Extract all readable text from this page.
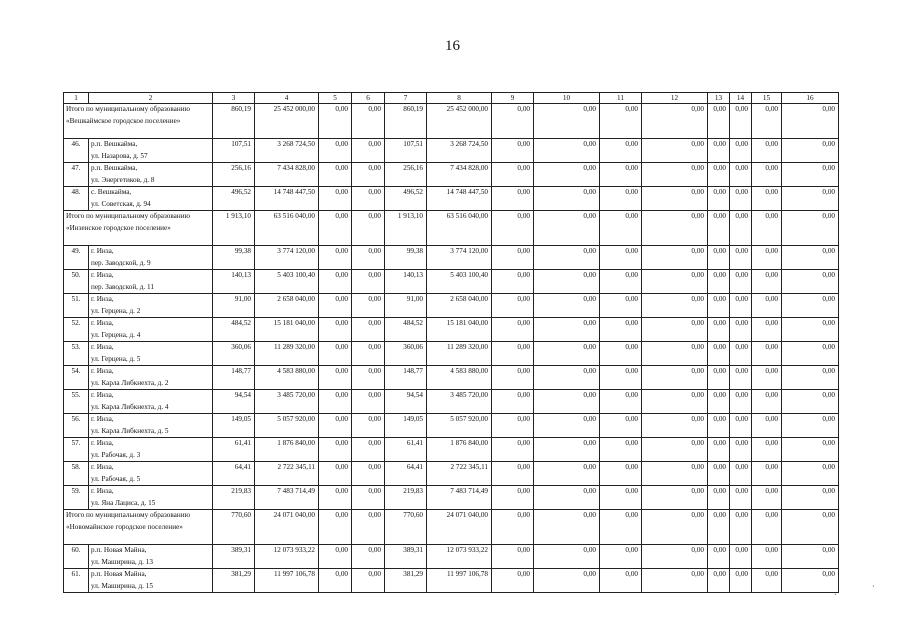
16
1	2	3	4	5	6	7	8	9	10	11	12	13	14	15	16
Итого по муниципальному образованию «Вешкаймское городское поселение»		860,19	25 452 000,00	0,00	0,00	860,19	25 452 000,00	0,00	0,00	0,00	0,00	0,00	0,00	0,00	0,00
46.	р.п. Вешкайма,
ул. Назарова, д. 57	107,51	3 268 724,50	0,00	0,00	107,51	3 268 724,50	0,00	0,00	0,00	0,00	0,00	0,00	0,00	0,00
47.	р.п. Вешкайма,
ул. Энергетиков, д. 8	256,16	7 434 828,00	0,00	0,00	256,16	7 434 828,00	0,00	0,00	0,00	0,00	0,00	0,00	0,00	0,00
48.	с. Вешкайма,
ул. Советская, д. 94	496,52	14 748 447,50	0,00	0,00	496,52	14 748 447,50	0,00	0,00	0,00	0,00	0,00	0,00	0,00	0,00
Итого по муниципальному образованию «Инзенское городское поселение»		1 913,10	63 516 040,00	0,00	0,00	1 913,10	63 516 040,00	0,00	0,00	0,00	0,00	0,00	0,00	0,00	0,00
49.	г. Инза,
пер. Заводской, д. 9	99,38	3 774 120,00	0,00	0,00	99,38	3 774 120,00	0,00	0,00	0,00	0,00	0,00	0,00	0,00	0,00
50.	г. Инза,
пер. Заводской, д. 11	140,13	5 403 100,40	0,00	0,00	140,13	5 403 100,40	0,00	0,00	0,00	0,00	0,00	0,00	0,00	0,00
51.	г. Инза,
ул. Герцена, д. 2	91,00	2 658 040,00	0,00	0,00	91,00	2 658 040,00	0,00	0,00	0,00	0,00	0,00	0,00	0,00	0,00
52.	г. Инза,
ул. Герцена, д. 4	484,52	15 181 040,00	0,00	0,00	484,52	15 181 040,00	0,00	0,00	0,00	0,00	0,00	0,00	0,00	0,00
53.	г. Инза,
ул. Герцена, д. 5	360,06	11 289 320,00	0,00	0,00	360,06	11 289 320,00	0,00	0,00	0,00	0,00	0,00	0,00	0,00	0,00
54.	г. Инза,
ул. Карла Либкнехта, д. 2	148,77	4 583 880,00	0,00	0,00	148,77	4 583 880,00	0,00	0,00	0,00	0,00	0,00	0,00	0,00	0,00
55.	г. Инза,
ул. Карла Либкнехта, д. 4	94,54	3 485 720,00	0,00	0,00	94,54	3 485 720,00	0,00	0,00	0,00	0,00	0,00	0,00	0,00	0,00
56.	г. Инза,
ул. Карла Либкнехта, д. 5	149,05	5 057 920,00	0,00	0,00	149,05	5 057 920,00	0,00	0,00	0,00	0,00	0,00	0,00	0,00	0,00
57.	г. Инза,
ул. Рабочая, д. 3	61,41	1 876 840,00	0,00	0,00	61,41	1 876 840,00	0,00	0,00	0,00	0,00	0,00	0,00	0,00	0,00
58.	г. Инза,
ул. Рабочая, д. 5	64,41	2 722 345,11	0,00	0,00	64,41	2 722 345,11	0,00	0,00	0,00	0,00	0,00	0,00	0,00	0,00
59.	г. Инза,
ул. Яна Лациса, д. 15	219,83	7 483 714,49	0,00	0,00	219,83	7 483 714,49	0,00	0,00	0,00	0,00	0,00	0,00	0,00	0,00
Итого по муниципальному образованию «Новомайнское городское поселение»		770,60	24 071 040,00	0,00	0,00	770,60	24 071 040,00	0,00	0,00	0,00	0,00	0,00	0,00	0,00	0,00
60.	р.п. Новая Майна,
ул. Маширина, д. 13	389,31	12 073 933,22	0,00	0,00	389,31	12 073 933,22	0,00	0,00	0,00	0,00	0,00	0,00	0,00	0,00
61.	р.п. Новая Майна,
ул. Маширина, д. 15	381,29	11 997 106,78	0,00	0,00	381,29	11 997 106,78	0,00	0,00	0,00	0,00	0,00	0,00	0,00	0,00
·
ˎ
